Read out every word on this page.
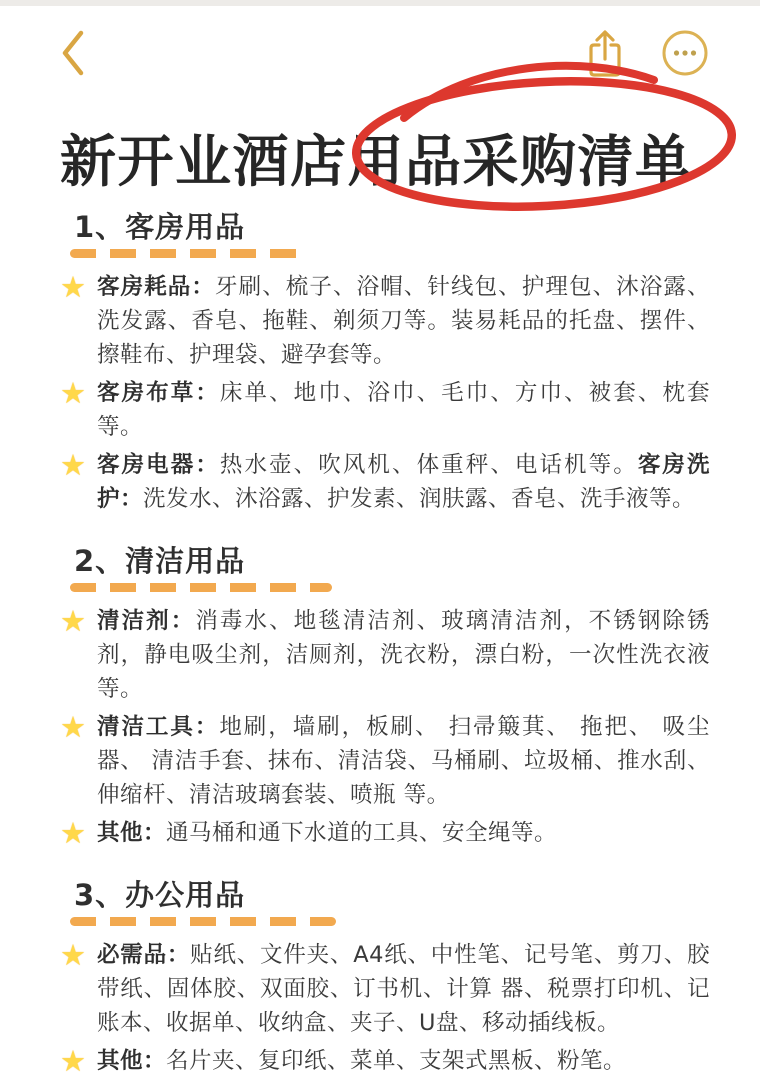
新开业酒店用品采购清单
1、客房用品
★ 客房耗品：牙刷、梳子、浴帽、针线包、护理包、沐浴露、洗发露、香皂、拖鞋、剃须刀等。装易耗品的托盘、摆件、擦鞋布、护理袋、避孕套等。

★ 客房布草：床单、地巾、浴巾、毛巾、方巾、被套、枕套等。

★ 客房电器：热水壶、吹风机、体重秤、电话机等。客房洗护：洗发水、沐浴露、护发素、润肤露、香皂、洗手液等。

2、清洁用品
★ 清洁剂：消毒水、地毯清洁剂、玻璃清洁剂，不锈钢除锈剂，静电吸尘剂，洁厕剂，洗衣粉，漂白粉，一次性洗衣液等。

★ 清洁工具：地刷，墙刷，板刷、 扫帚簸萁、 拖把、 吸尘器、 清洁手套、抹布、清洁袋、马桶刷、垃圾桶、推水刮、伸缩杆、清洁玻璃套装、喷瓶 等。

★ 其他：通马桶和通下水道的工具、安全绳等。

3、办公用品
★ 必需品：贴纸、文件夹、A4纸、中性笔、记号笔、剪刀、胶带纸、固体胶、双面胶、订书机、计算 器、税票打印机、记账本、收据单、收纳盒、夹子、U盘、移动插线板。

★ 其他：名片夹、复印纸、菜单、支架式黑板、粉笔。
